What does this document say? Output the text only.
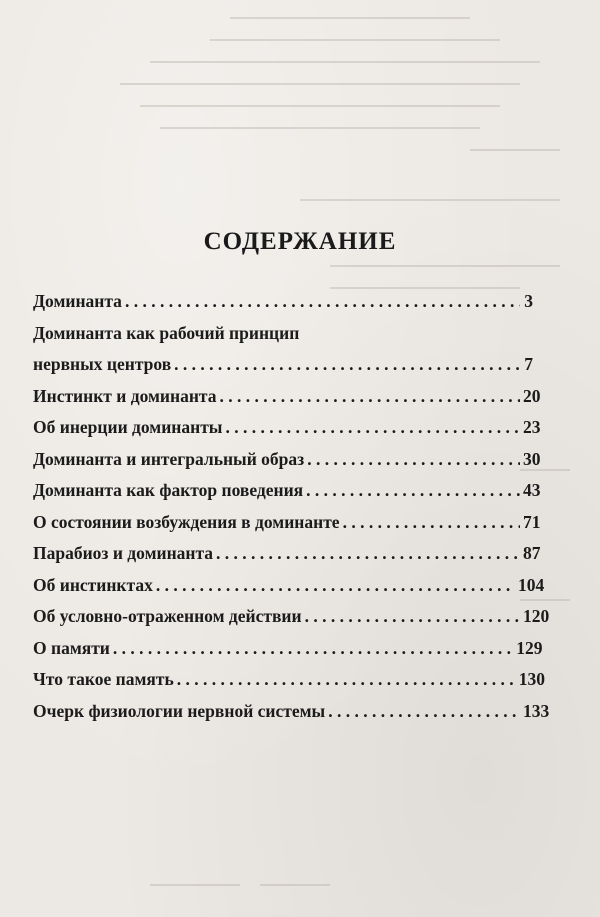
СОДЕРЖАНИЕ
Доминанта . . .	3
Доминанта как рабочий принцип
нервных центров . . .	7
Инстинкт и доминанта . . .	20
Об инерции доминанты . . .	23
Доминанта и интегральный образ . . .	30
Доминанта как фактор поведения . . .	43
О состоянии возбуждения в доминанте . . .	71
Парабиоз и доминанта . . .	87
Об инстинктах . . .	104
Об условно-отраженном действии . . .	120
О памяти . . .	129
Что такое память . . .	130
Очерк физиологии нервной системы . . .	133
